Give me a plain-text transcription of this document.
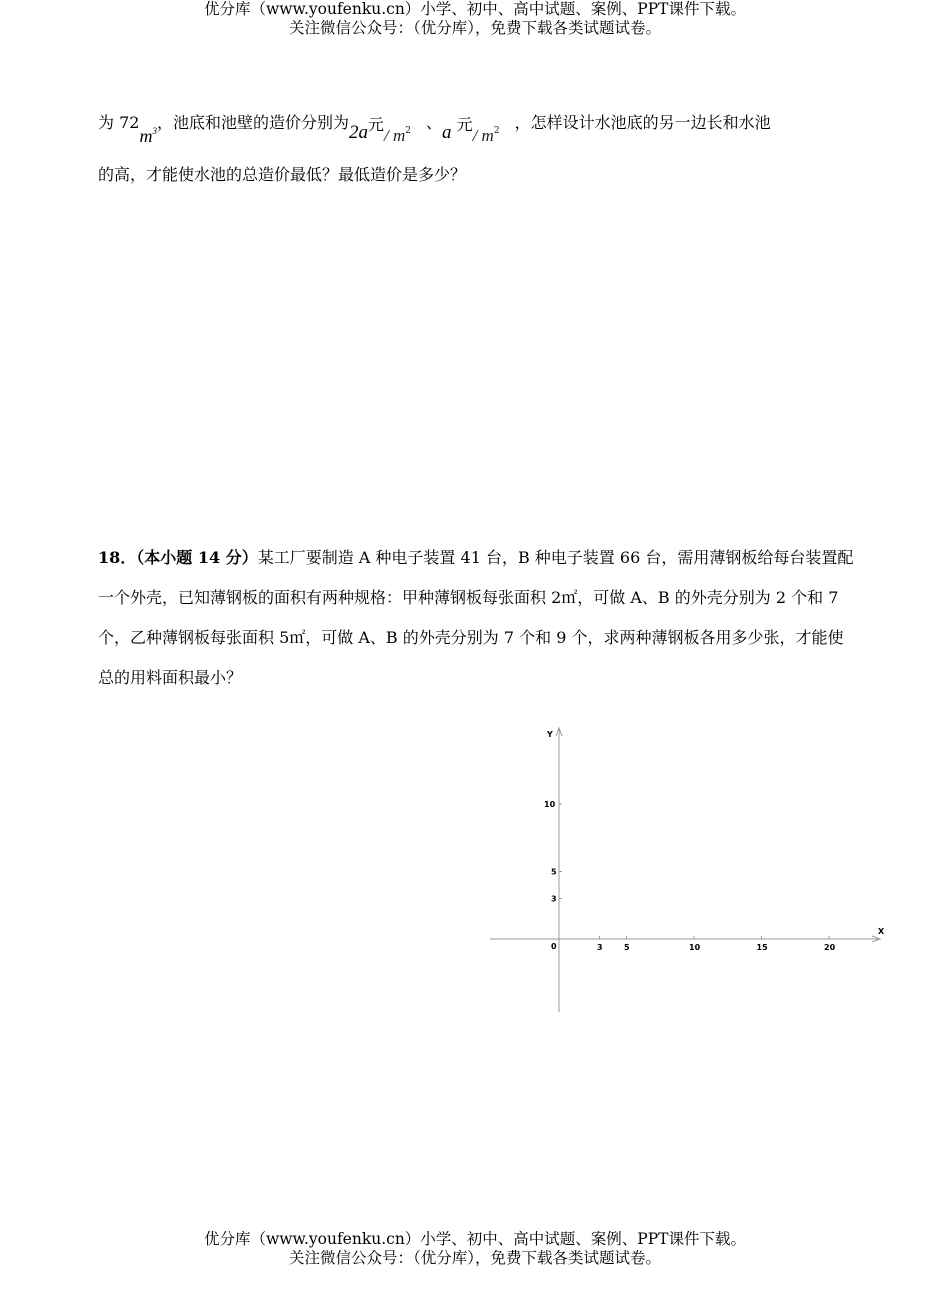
优分库（www.youfenku.cn）小学、初中、高中试题、案例、PPT课件下载。
关注微信公众号：（优分库），免费下载各类试题试卷。
为 $72m^3$，池底和池壁的造价分别为2a 元
/ $m^2$ 、a 元
/ $m^2$ ，怎样设计水池底的另一边长和水池
的高，才能使水池的总造价最低？最低造价是多少？
18．（本小题 14 分）某工厂要制造 A 种电子装置 41 台，B 种电子装置 66 台，需用薄钢板给每台装置配一个外壳，已知薄钢板的面积有两种规格：甲种薄钢板每张面积 2㎡，可做 A、B 的外壳分别为 2 个和 7 个，乙种薄钢板每张面积 5㎡，可做 A、B 的外壳分别为 7 个和 9 个，求两种薄钢板各用多少张，才能使总的用料面积最小？
X
Y
0	3	5	10	15	20
3
5
10
优分库（www.youfenku.cn）小学、初中、高中试题、案例、PPT课件下载。
关注微信公众号：（优分库），免费下载各类试题试卷。
